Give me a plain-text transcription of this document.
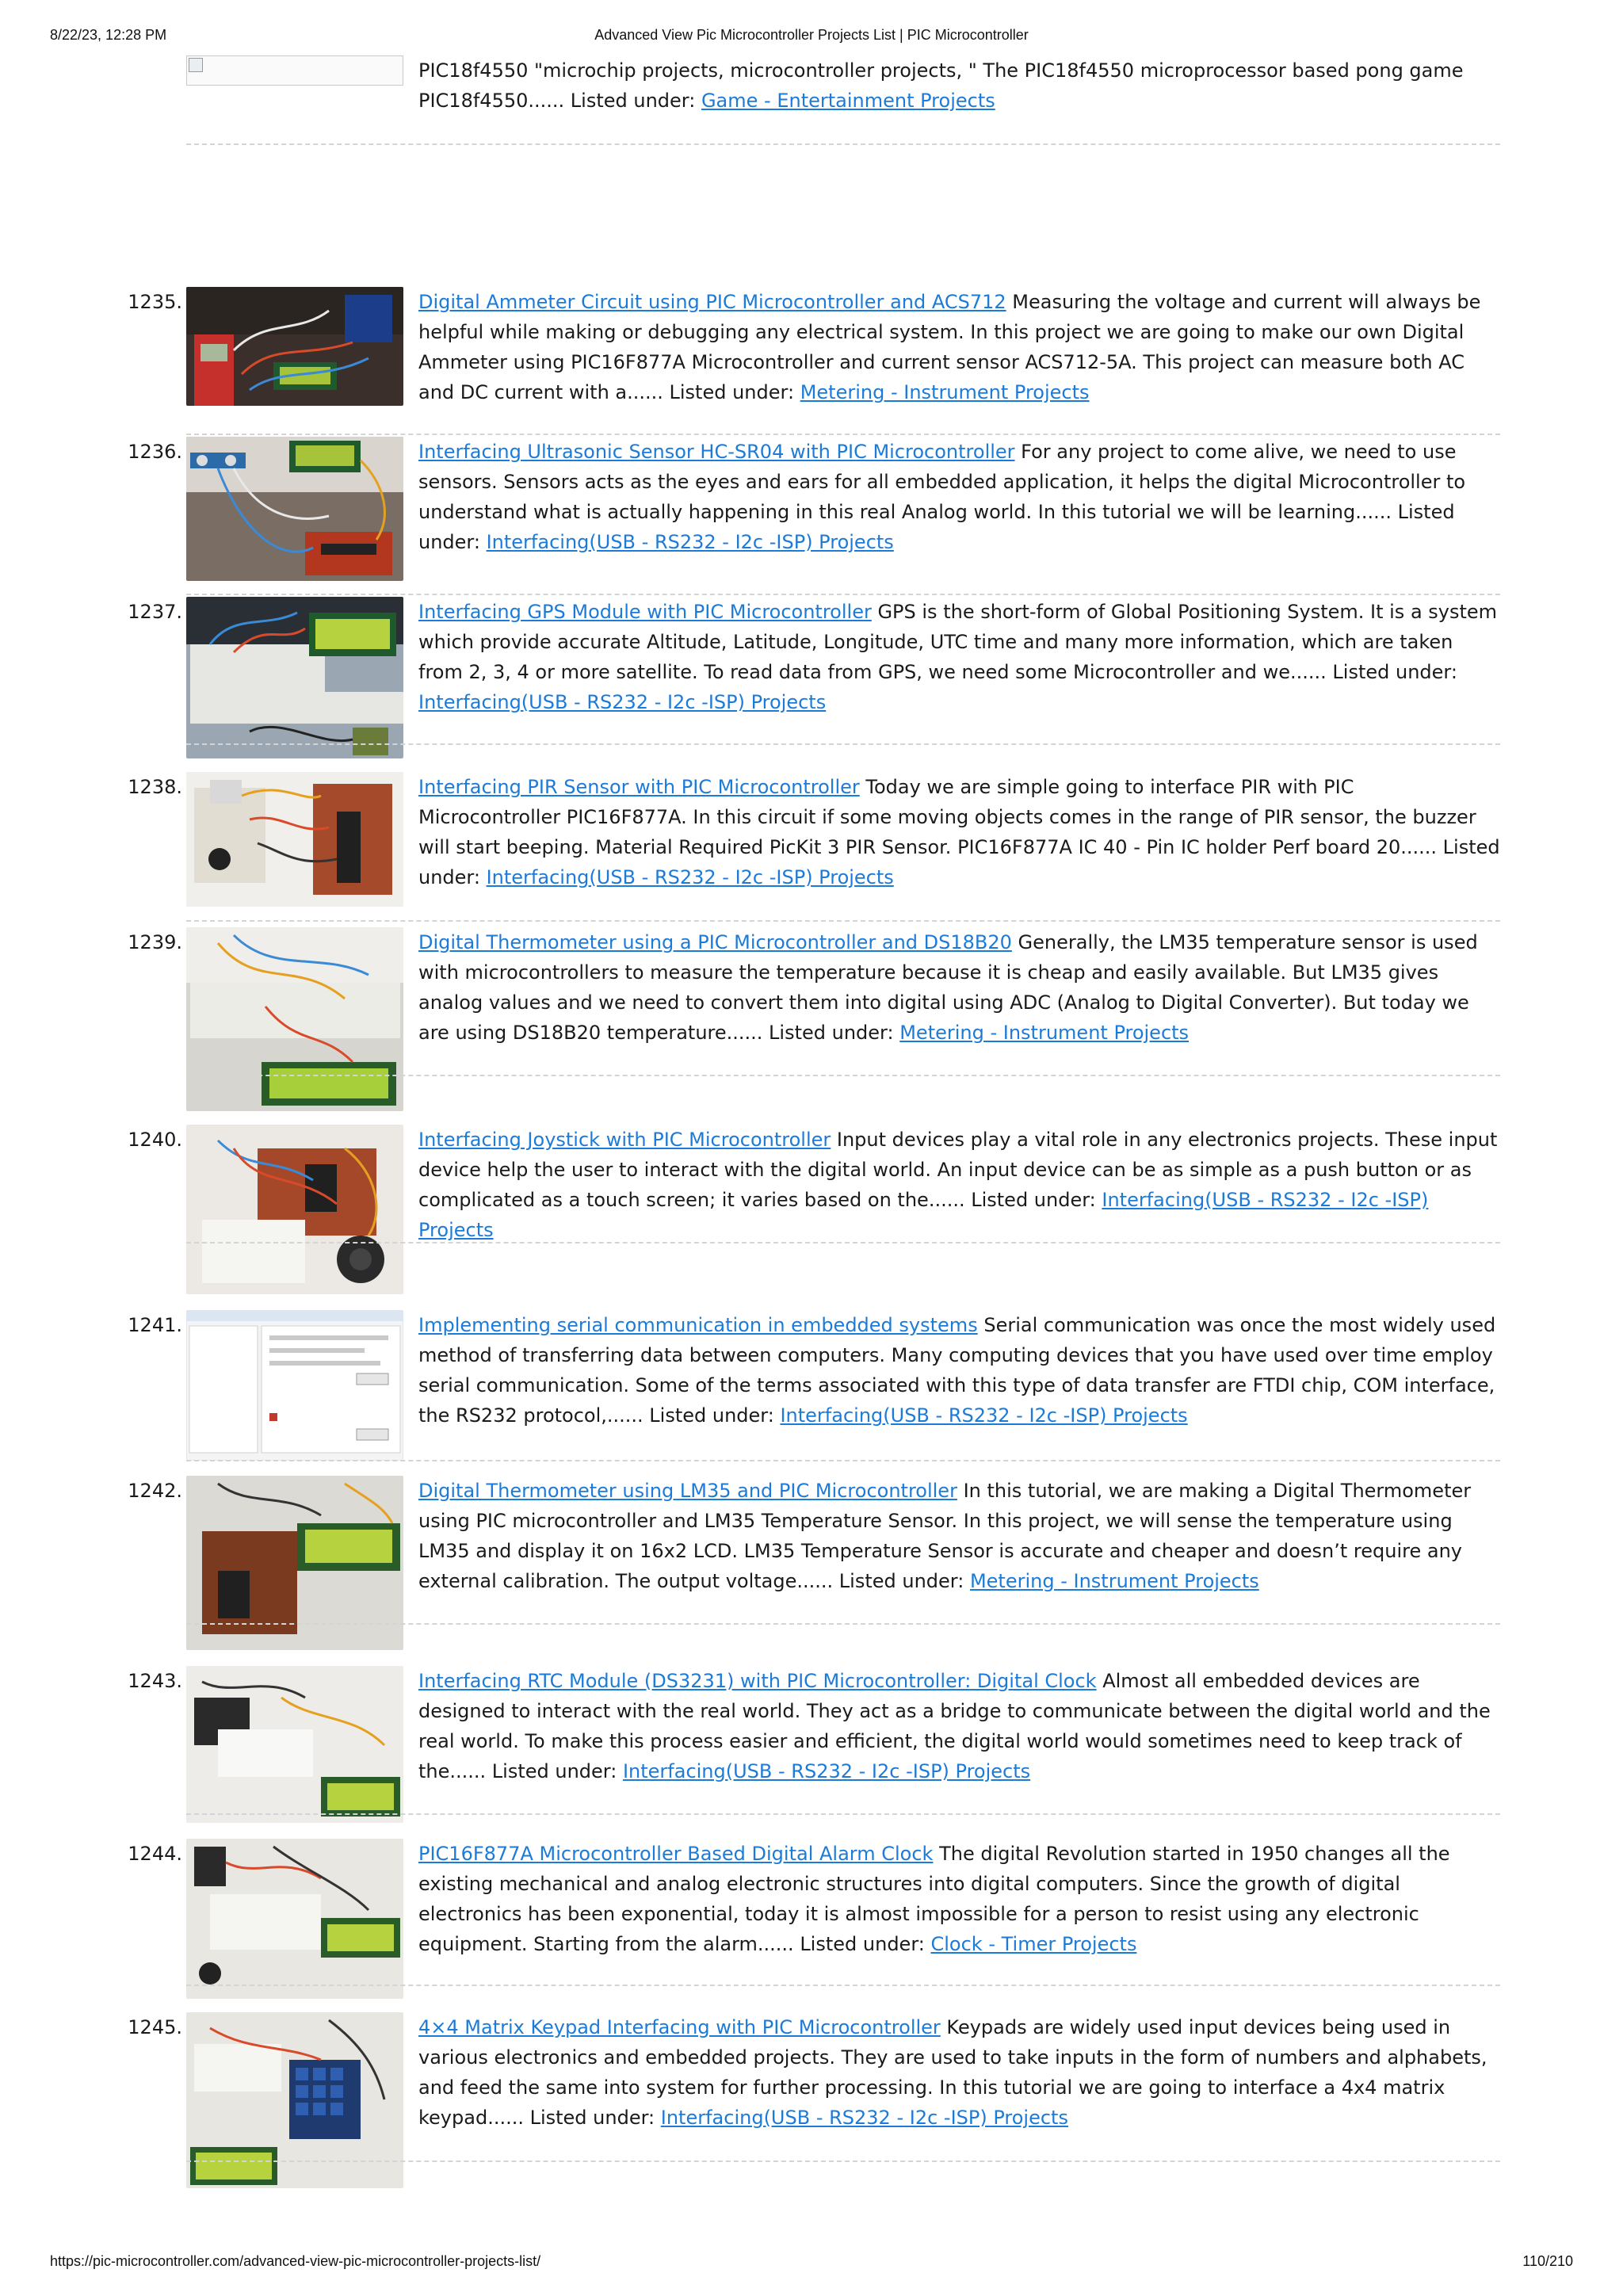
8/22/23, 12:28 PM	Advanced View Pic Microcontroller Projects List | PIC Microcontroller
PIC18f4550 "microchip projects, microcontroller projects, " The PIC18f4550 microprocessor based pong game PIC18f4550...... Listed under: Game - Entertainment Projects
1235.	Digital Ammeter Circuit using PIC Microcontroller and ACS712 Measuring the voltage and current will always be helpful while making or debugging any electrical system. In this project we are going to make our own Digital Ammeter using PIC16F877A Microcontroller and current sensor ACS712-5A. This project can measure both AC and DC current with a...... Listed under: Metering - Instrument Projects
1236.	Interfacing Ultrasonic Sensor HC-SR04 with PIC Microcontroller For any project to come alive, we need to use sensors. Sensors acts as the eyes and ears for all embedded application, it helps the digital Microcontroller to understand what is actually happening in this real Analog world. In this tutorial we will be learning...... Listed under: Interfacing(USB - RS232 - I2c -ISP) Projects
1237.	Interfacing GPS Module with PIC Microcontroller GPS is the short-form of Global Positioning System. It is a system which provide accurate Altitude, Latitude, Longitude, UTC time and many more information, which are taken from 2, 3, 4 or more satellite. To read data from GPS, we need some Microcontroller and we...... Listed under: Interfacing(USB - RS232 - I2c -ISP) Projects
1238.	Interfacing PIR Sensor with PIC Microcontroller Today we are simple going to interface PIR with PIC Microcontroller PIC16F877A. In this circuit if some moving objects comes in the range of PIR sensor, the buzzer will start beeping. Material Required PicKit 3 PIR Sensor. PIC16F877A IC 40 - Pin IC holder Perf board 20...... Listed under: Interfacing(USB - RS232 - I2c -ISP) Projects
1239.	Digital Thermometer using a PIC Microcontroller and DS18B20 Generally, the LM35 temperature sensor is used with microcontrollers to measure the temperature because it is cheap and easily available. But LM35 gives analog values and we need to convert them into digital using ADC (Analog to Digital Converter). But today we are using DS18B20 temperature...... Listed under: Metering - Instrument Projects
1240.	Interfacing Joystick with PIC Microcontroller Input devices play a vital role in any electronics projects. These input device help the user to interact with the digital world. An input device can be as simple as a push button or as complicated as a touch screen; it varies based on the...... Listed under: Interfacing(USB - RS232 - I2c -ISP) Projects
1241.	Implementing serial communication in embedded systems Serial communication was once the most widely used method of transferring data between computers. Many computing devices that you have used over time employ serial communication. Some of the terms associated with this type of data transfer are FTDI chip, COM interface, the RS232 protocol,...... Listed under: Interfacing(USB - RS232 - I2c -ISP) Projects
1242.	Digital Thermometer using LM35 and PIC Microcontroller In this tutorial, we are making a Digital Thermometer using PIC microcontroller and LM35 Temperature Sensor. In this project, we will sense the temperature using LM35 and display it on 16x2 LCD. LM35 Temperature Sensor is accurate and cheaper and doesn’t require any external calibration. The output voltage...... Listed under: Metering - Instrument Projects
1243.	Interfacing RTC Module (DS3231) with PIC Microcontroller: Digital Clock Almost all embedded devices are designed to interact with the real world. They act as a bridge to communicate between the digital world and the real world. To make this process easier and efficient, the digital world would sometimes need to keep track of the...... Listed under: Interfacing(USB - RS232 - I2c -ISP) Projects
1244.	PIC16F877A Microcontroller Based Digital Alarm Clock The digital Revolution started in 1950 changes all the existing mechanical and analog electronic structures into digital computers. Since the growth of digital electronics has been exponential, today it is almost impossible for a person to resist using any electronic equipment. Starting from the alarm...... Listed under: Clock - Timer Projects
1245.	4×4 Matrix Keypad Interfacing with PIC Microcontroller Keypads are widely used input devices being used in various electronics and embedded projects. They are used to take inputs in the form of numbers and alphabets, and feed the same into system for further processing. In this tutorial we are going to interface a 4x4 matrix keypad...... Listed under: Interfacing(USB - RS232 - I2c -ISP) Projects
https://pic-microcontroller.com/advanced-view-pic-microcontroller-projects-list/	110/210
